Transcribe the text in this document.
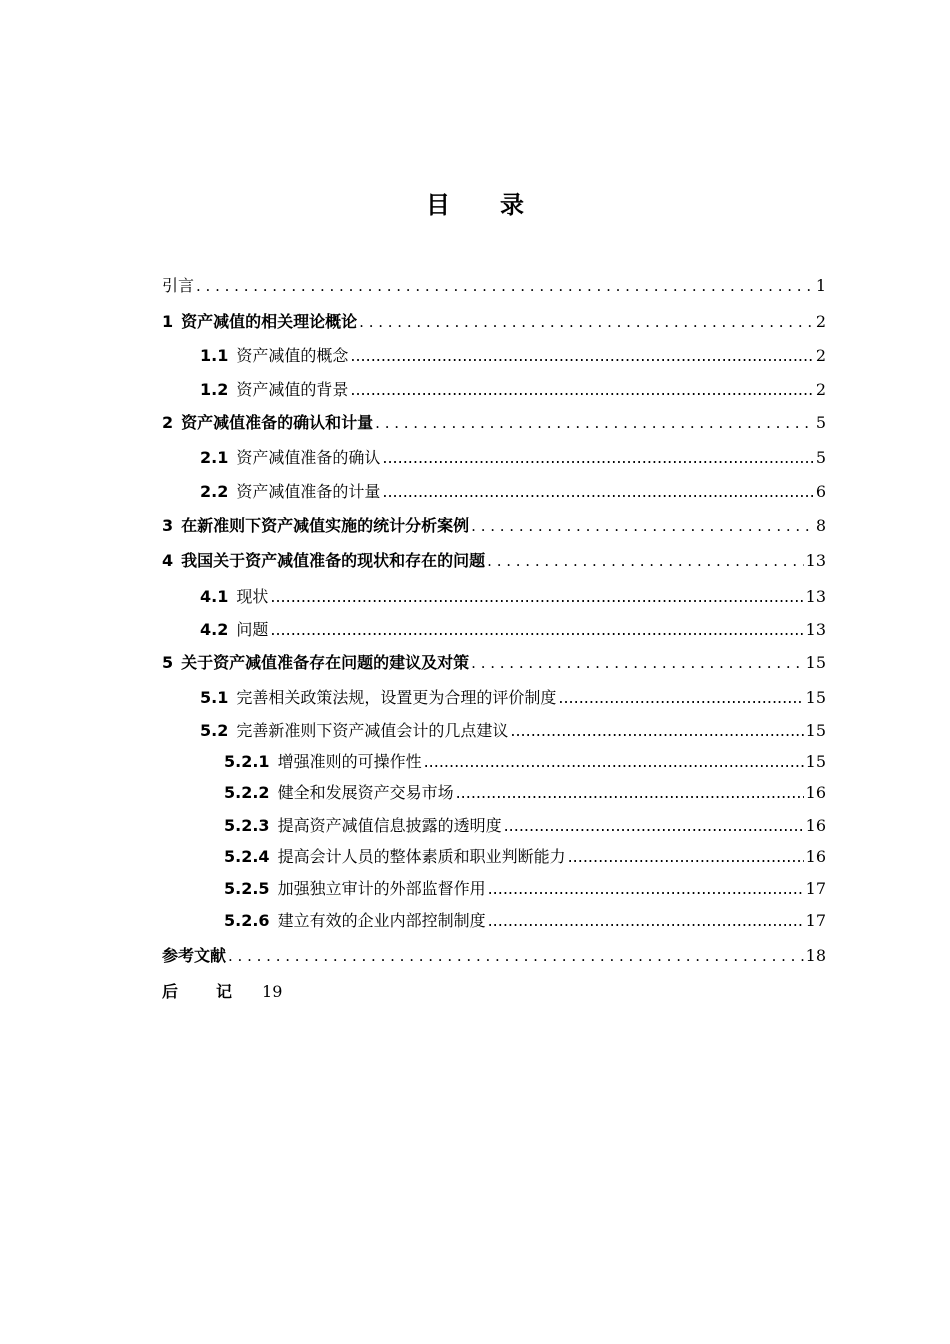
目 录
引言 . . .	1
1 资产减值的相关理论概论 . . .	2
1.1 资产减值的概念 .....	2
1.2 资产减值的背景 .....	2
2 资产减值准备的确认和计量 . . .	5
2.1 资产减值准备的确认 .....	5
2.2 资产减值准备的计量 .....	6
3 在新准则下资产减值实施的统计分析案例 . . .	8
4 我国关于资产减值准备的现状和存在的问题 . . .	13
4.1 现状 .....	13
4.2 问题 .....	13
5 关于资产减值准备存在问题的建议及对策 . . .	15
5.1 完善相关政策法规，设置更为合理的评价制度 .....	15
5.2 完善新准则下资产减值会计的几点建议 .....	15
5.2.1 增强准则的可操作性 .....	15
5.2.2 健全和发展资产交易市场 .....	16
5.2.3 提高资产减值信息披露的透明度 .....	16
5.2.4 提高会计人员的整体素质和职业判断能力 .....	16
5.2.5 加强独立审计的外部监督作用 .....	17
5.2.6 建立有效的企业内部控制制度 .....	17
参考文献 . . .	18
后 记 19
